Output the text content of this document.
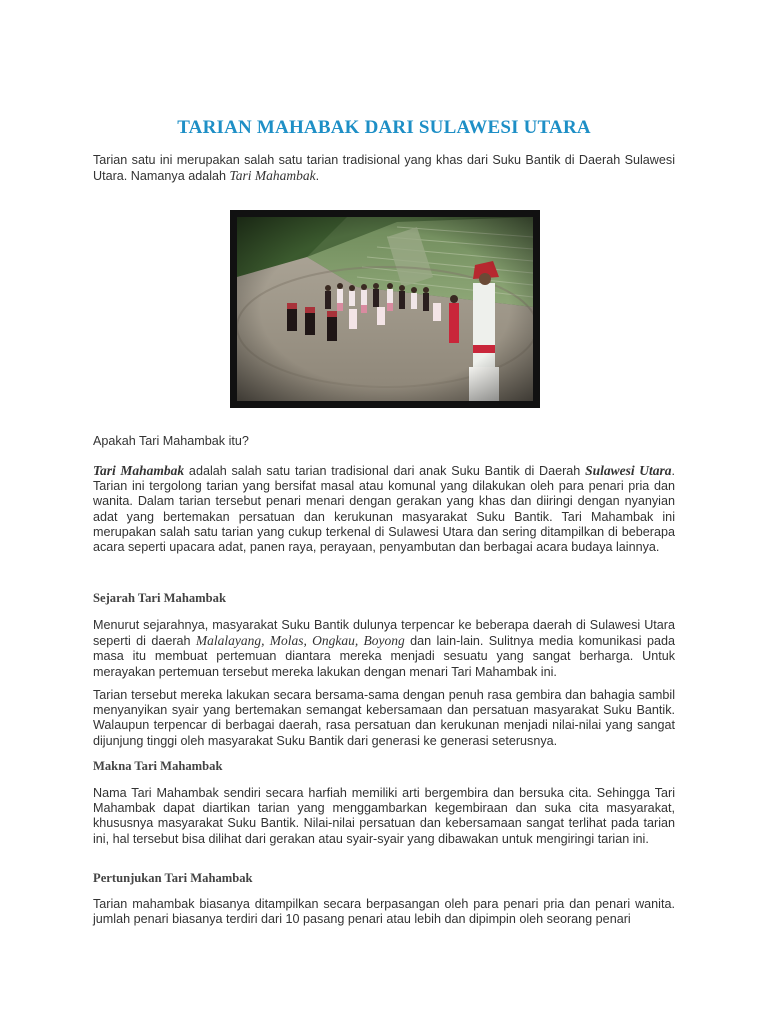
TARIAN MAHABAK DARI SULAWESI UTARA

Tarian satu ini merupakan salah satu tarian tradisional yang khas dari Suku Bantik di Daerah Sulawesi Utara. Namanya adalah Tari Mahambak.

Apakah Tari Mahambak itu?

Tari Mahambak adalah salah satu tarian tradisional dari anak Suku Bantik di Daerah Sulawesi Utara. Tarian ini tergolong tarian yang bersifat masal atau komunal yang dilakukan oleh para penari pria dan wanita. Dalam tarian tersebut penari menari dengan gerakan yang khas dan diiringi dengan nyanyian adat yang bertemakan persatuan dan kerukunan masyarakat Suku Bantik. Tari Mahambak ini merupakan salah satu tarian yang cukup terkenal di Sulawesi Utara dan sering ditampilkan di beberapa acara seperti upacara adat, panen raya, perayaan, penyambutan dan berbagai acara budaya lainnya.

Sejarah Tari Mahambak

Menurut sejarahnya, masyarakat Suku Bantik dulunya terpencar ke beberapa daerah di Sulawesi Utara seperti di daerah Malalayang, Molas, Ongkau, Boyong dan lain-lain. Sulitnya media komunikasi pada masa itu membuat pertemuan diantara mereka menjadi sesuatu yang sangat berharga. Untuk merayakan pertemuan tersebut mereka lakukan dengan menari Tari Mahambak ini.

Tarian tersebut mereka lakukan secara bersama-sama dengan penuh rasa gembira dan bahagia sambil menyanyikan syair yang bertemakan semangat kebersamaan dan persatuan masyarakat Suku Bantik. Walaupun terpencar di berbagai daerah, rasa persatuan dan kerukunan menjadi nilai-nilai yang sangat dijunjung tinggi oleh masyarakat Suku Bantik dari generasi ke generasi seterusnya.

Makna Tari Mahambak

Nama Tari Mahambak sendiri secara harfiah memiliki arti bergembira dan bersuka cita. Sehingga Tari Mahambak dapat diartikan tarian yang menggambarkan kegembiraan dan suka cita masyarakat, khususnya masyarakat Suku Bantik. Nilai-nilai persatuan dan kebersamaan sangat terlihat pada tarian ini, hal tersebut bisa dilihat dari gerakan atau syair-syair yang dibawakan untuk mengiringi tarian ini.

Pertunjukan Tari Mahambak

Tarian mahambak biasanya ditampilkan secara berpasangan oleh para penari pria dan penari wanita. jumlah penari biasanya terdiri dari 10 pasang penari atau lebih dan dipimpin oleh seorang penari
